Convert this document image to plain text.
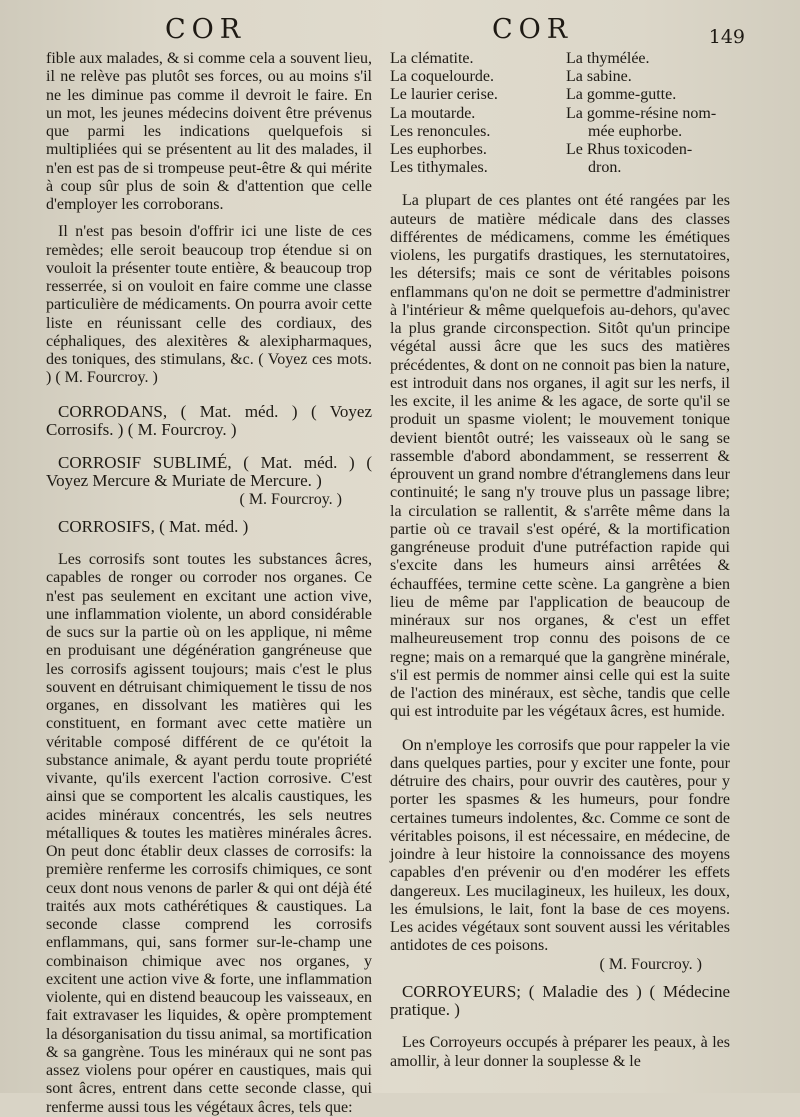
COR	COR	149

fible aux malades, & si comme cela a souvent lieu, il ne relève pas plutôt ses forces, ou au moins s'il ne les diminue pas comme il devroit le faire. En un mot, les jeunes médecins doivent être prévenus que parmi les indications quelquefois si multipliées qui se présentent au lit des malades, il n'en est pas de si trompeuse peut-être & qui mérite à coup sûr plus de soin & d'attention que celle d'employer les corroborans.

Il n'est pas besoin d'offrir ici une liste de ces remèdes; elle seroit beaucoup trop étendue si on vouloit la présenter toute entière, & beaucoup trop resserrée, si on vouloit en faire comme une classe particulière de médicaments. On pourra avoir cette liste en réunissant celle des cordiaux, des céphaliques, des alexitères & alexipharmaques, des toniques, des stimulans, &c. ( Voyez ces mots. ) ( M. Fourcroy. )

CORRODANS, ( Mat. méd. ) ( Voyez Corrosifs. ) ( M. Fourcroy. )

CORROSIF SUBLIMÉ, ( Mat. méd. ) ( Voyez Mercure & Muriate de Mercure. )

( M. Fourcroy. )

CORROSIFS, ( Mat. méd. )

Les corrosifs sont toutes les substances âcres, capables de ronger ou corroder nos organes. Ce n'est pas seulement en excitant une action vive, une inflammation violente, un abord considérable de sucs sur la partie où on les applique, ni même en produisant une dégénération gangréneuse que les corrosifs agissent toujours; mais c'est le plus souvent en détruisant chimiquement le tissu de nos organes, en dissolvant les matières qui les constituent, en formant avec cette matière un véritable composé différent de ce qu'étoit la substance animale, & ayant perdu toute propriété vivante, qu'ils exercent l'action corrosive. C'est ainsi que se comportent les alcalis caustiques, les acides minéraux concentrés, les sels neutres métalliques & toutes les matières minérales âcres. On peut donc établir deux classes de corrosifs: la première renferme les corrosifs chimiques, ce sont ceux dont nous venons de parler & qui ont déjà été traités aux mots cathérétiques & caustiques. La seconde classe comprend les corrosifs enflammans, qui, sans former sur-le-champ une combinaison chimique avec nos organes, y excitent une action vive & forte, une inflammation violente, qui en distend beaucoup les vaisseaux, en fait extravaser les liquides, & opère promptement la désorganisation du tissu animal, sa mortification & sa gangrène. Tous les minéraux qui ne sont pas assez violens pour opérer en caustiques, mais qui sont âcres, entrent dans cette seconde classe, qui renferme aussi tous les végétaux âcres, tels que:

La clématite.
La coquelourde.
Le laurier cerise.
La moutarde.
Les renoncules.
Les euphorbes.
Les tithymales.
La thymélée.
La sabine.
La gomme-gutte.
La gomme-résine nom-
mée euphorbe.
Le Rhus toxicoden-
dron.

La plupart de ces plantes ont été rangées par les auteurs de matière médicale dans des classes différentes de médicamens, comme les émétiques violens, les purgatifs drastiques, les sternutatoires, les détersifs; mais ce sont de véritables poisons enflammans qu'on ne doit se permettre d'administrer à l'intérieur & même quelquefois au-dehors, qu'avec la plus grande circonspection. Sitôt qu'un principe végétal aussi âcre que les sucs des matières précédentes, & dont on ne connoit pas bien la nature, est introduit dans nos organes, il agit sur les nerfs, il les excite, il les anime & les agace, de sorte qu'il se produit un spasme violent; le mouvement tonique devient bientôt outré; les vaisseaux où le sang se rassemble d'abord abondamment, se resserrent & éprouvent un grand nombre d'étranglemens dans leur continuité; le sang n'y trouve plus un passage libre; la circulation se rallentit, & s'arrête même dans la partie où ce travail s'est opéré, & la mortification gangréneuse produit d'une putréfaction rapide qui s'excite dans les humeurs ainsi arrêtées & échauffées, termine cette scène. La gangrène a bien lieu de même par l'application de beaucoup de minéraux sur nos organes, & c'est un effet malheureusement trop connu des poisons de ce regne; mais on a remarqué que la gangrène minérale, s'il est permis de nommer ainsi celle qui est la suite de l'action des minéraux, est sèche, tandis que celle qui est introduite par les végétaux âcres, est humide.

On n'employe les corrosifs que pour rappeler la vie dans quelques parties, pour y exciter une fonte, pour détruire des chairs, pour ouvrir des cautères, pour y porter les spasmes & les humeurs, pour fondre certaines tumeurs indolentes, &c. Comme ce sont de véritables poisons, il est nécessaire, en médecine, de joindre à leur histoire la connoissance des moyens capables d'en prévenir ou d'en modérer les effets dangereux. Les mucilagineux, les huileux, les doux, les émulsions, le lait, font la base de ces moyens. Les acides végétaux sont souvent aussi les véritables antidotes de ces poisons.

( M. Fourcroy. )

CORROYEURS; ( Maladie des ) ( Médecine pratique. )

Les Corroyeurs occupés à préparer les peaux, à les amollir, à leur donner la souplesse & le
